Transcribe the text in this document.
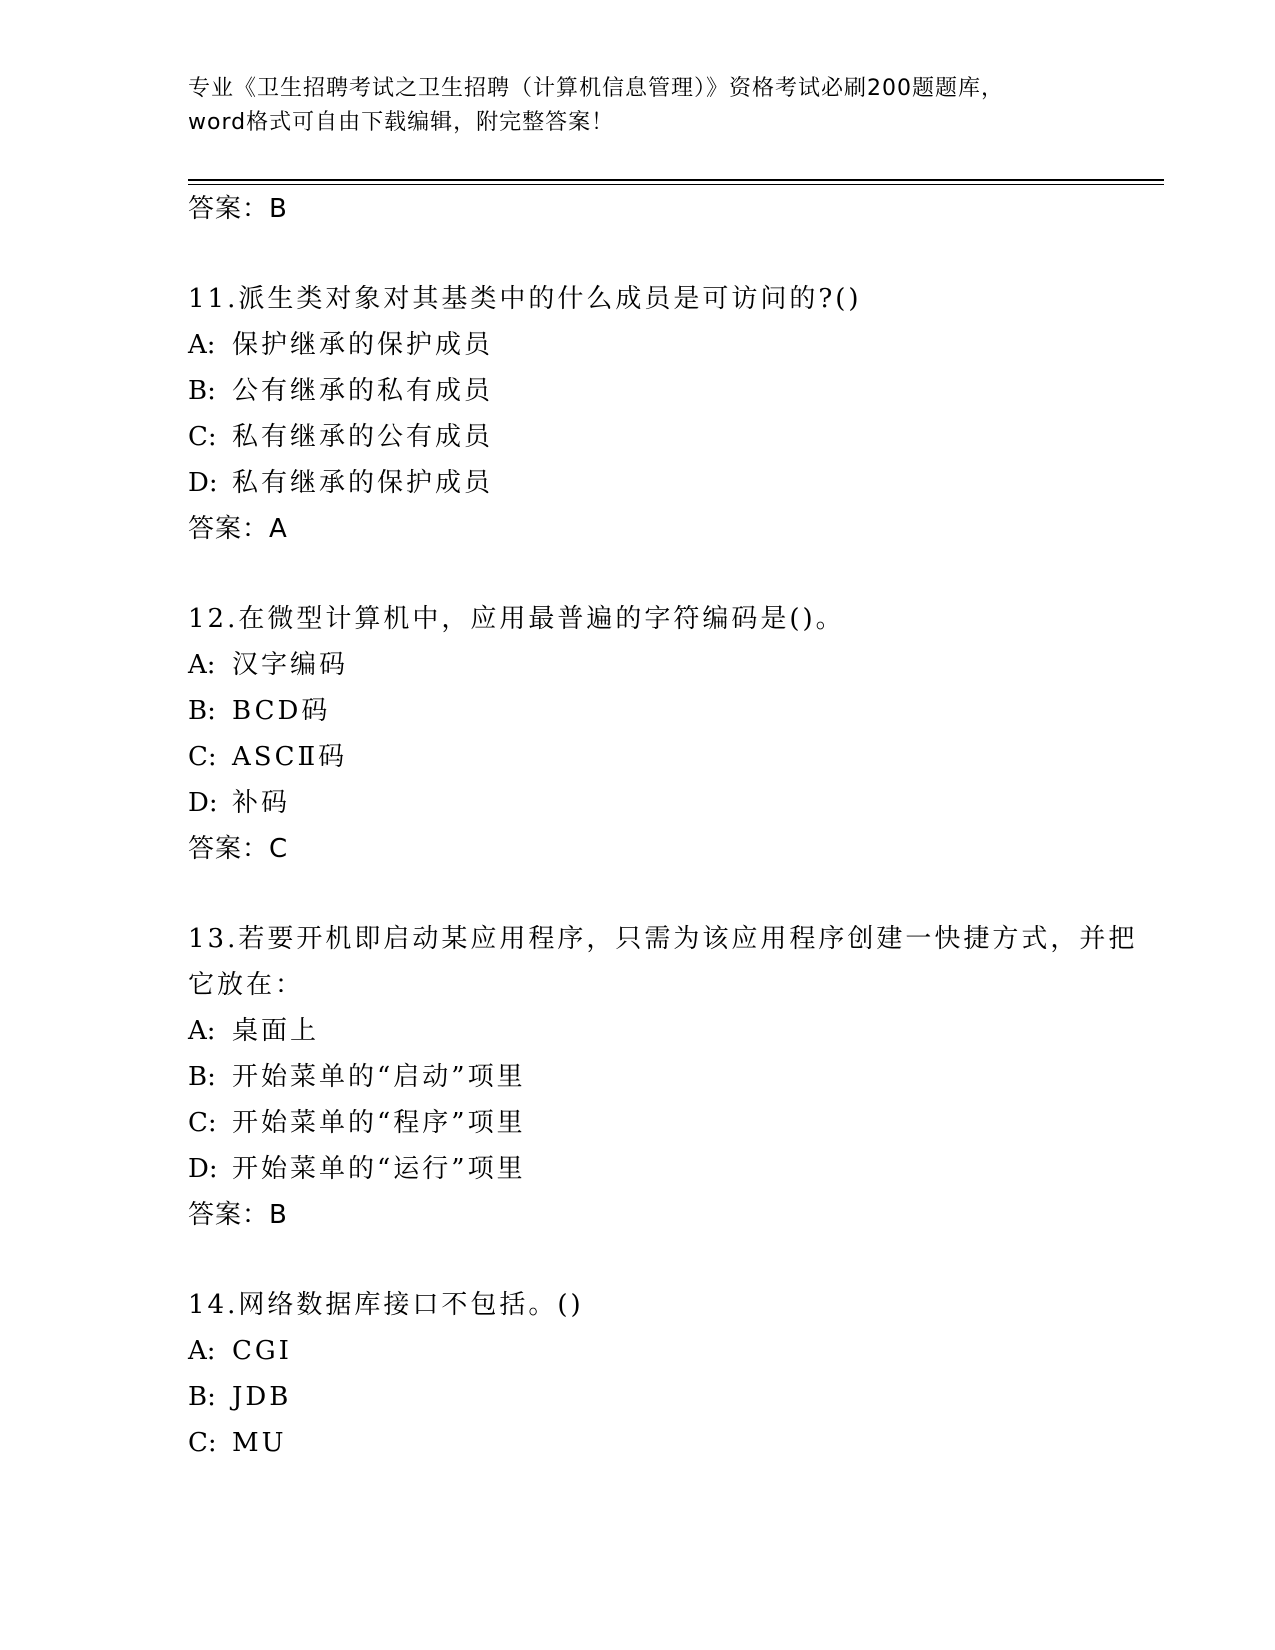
专业《卫生招聘考试之卫生招聘（计算机信息管理）》资格考试必刷200题题库，
word格式可自由下载编辑，附完整答案！
答案：B
11.派生类对象对其基类中的什么成员是可访问的?()
A: 保护继承的保护成员
B: 公有继承的私有成员
C: 私有继承的公有成员
D: 私有继承的保护成员
答案：A
12.在微型计算机中，应用最普遍的字符编码是()。
A: 汉字编码
B: BCD码
C: ASCⅡ码
D: 补码
答案：C
13.若要开机即启动某应用程序，只需为该应用程序创建一快捷方式，并把它放在：
A: 桌面上
B: 开始菜单的“启动”项里
C: 开始菜单的“程序”项里
D: 开始菜单的“运行”项里
答案：B
14.网络数据库接口不包括。()
A: CGI
B: JDB
C: MU
